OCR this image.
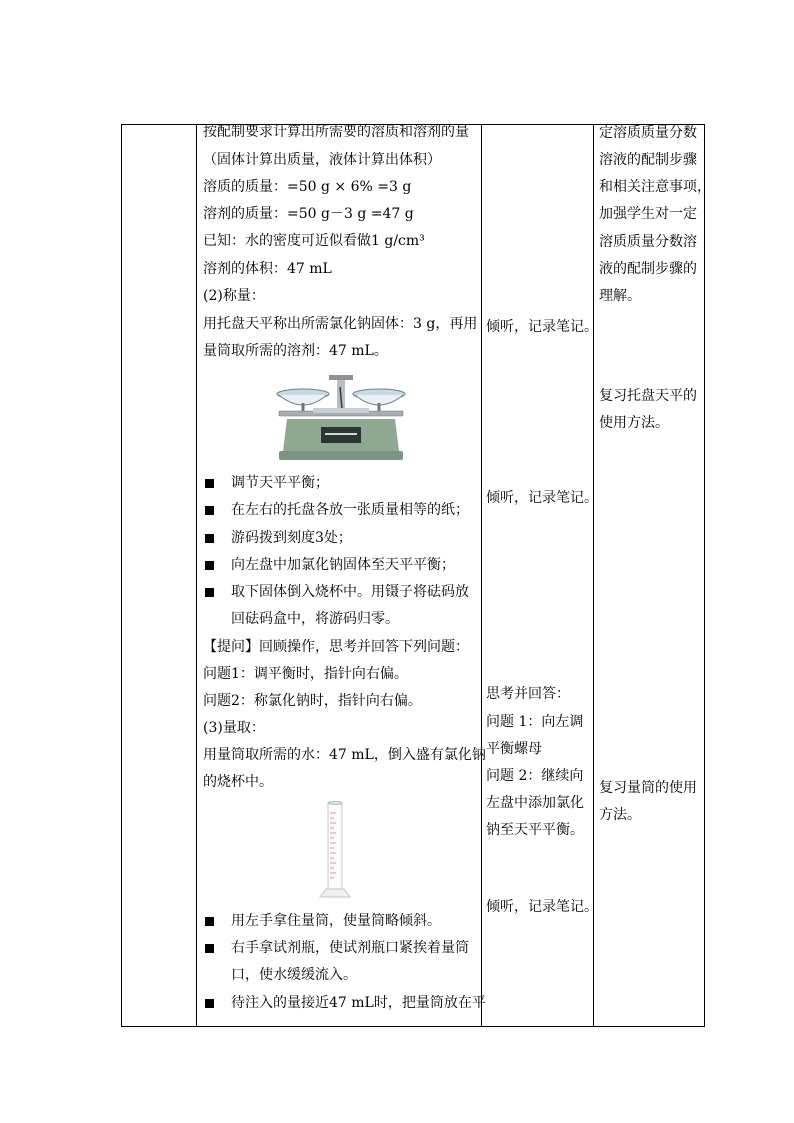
按配制要求计算出所需要的溶质和溶剂的量
（固体计算出质量，液体计算出体积）
溶质的质量：=50 g × 6% =3 g
溶剂的质量：=50 g－3 g =47 g
已知：水的密度可近似看做1 g/cm³
溶剂的体积：47 mL
(2)称量：
用托盘天平称出所需氯化钠固体：3 g，再用
量筒取所需的溶剂：47 mL。
调节天平平衡；
在左右的托盘各放一张质量相等的纸；
游码拨到刻度3处；
向左盘中加氯化钠固体至天平平衡；
取下固体倒入烧杯中。用镊子将砝码放
回砝码盒中，将游码归零。
【提问】回顾操作，思考并回答下列问题：
问题1：调平衡时，指针向右偏。
问题2：称氯化钠时，指针向右偏。
(3)量取：
用量筒取所需的水：47 mL，倒入盛有氯化钠
的烧杯中。
用左手拿住量筒，使量筒略倾斜。
右手拿试剂瓶，使试剂瓶口紧挨着量筒
口，使水缓缓流入。
待注入的量接近47 mL时，把量筒放在平
倾听，记录笔记。
倾听，记录笔记。
思考并回答：
问题 1：向左调
平衡螺母
问题 2：继续向
左盘中添加氯化
钠至天平平衡。
倾听，记录笔记。
定溶质质量分数
溶液的配制步骤
和相关注意事项，
加强学生对一定
溶质质量分数溶
液的配制步骤的
理解。
复习托盘天平的
使用方法。
复习量筒的使用
方法。
